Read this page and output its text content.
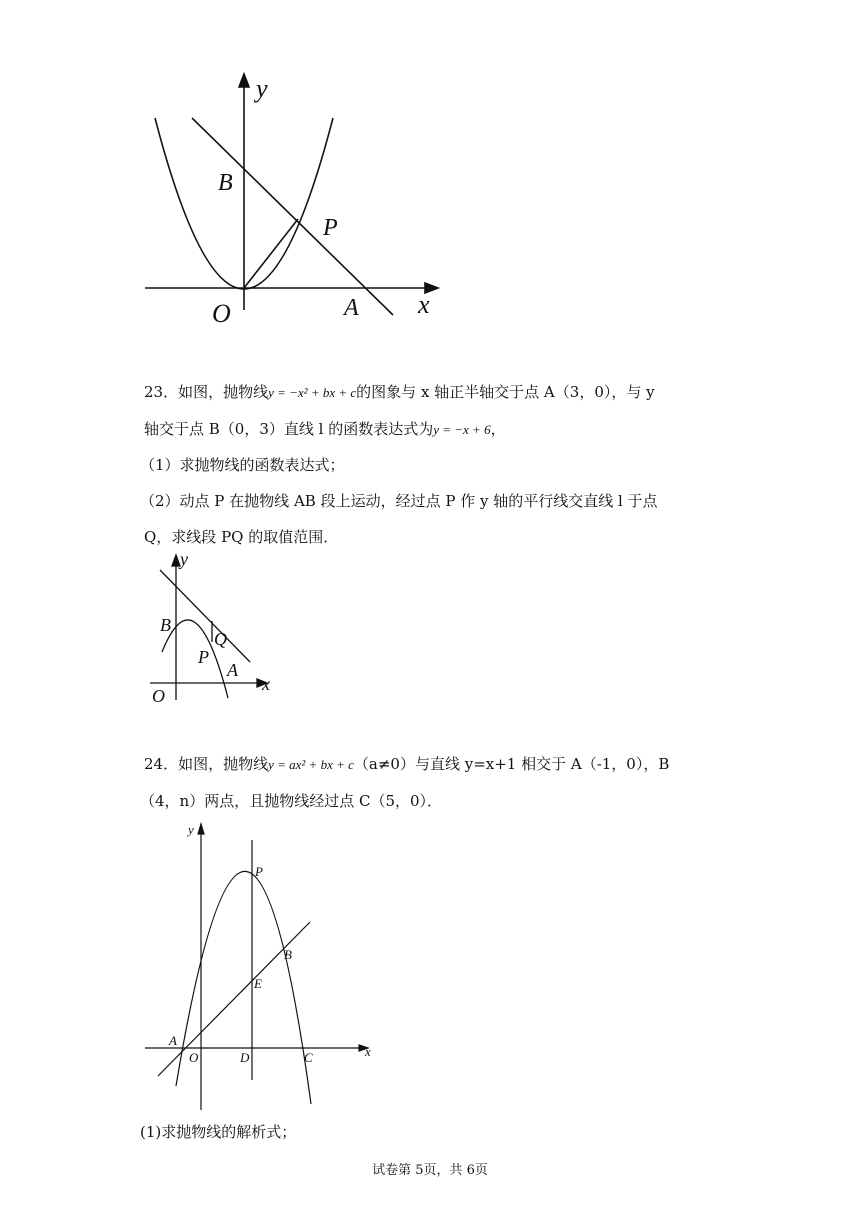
y
x
B
P
O	A
23．如图，抛物线y = −x² + bx + c的图象与 x 轴正半轴交于点 A（3，0），与 y
轴交于点 B（0，3）直线 l 的函数表达式为y = −x + 6，
（1）求抛物线的函数表达式；
（2）动点 P 在抛物线 AB 段上运动，经过点 P 作 y 轴的平行线交直线 l 于点
Q，求线段 PQ 的取值范围．
y
Q
B
P
A
O
x
24．如图，抛物线y = ax² + bx + c（a≠0）与直线 y=x+1 相交于 A（-1，0），B
（4，n）两点，且抛物线经过点 C（5，0）．
y
P
B
E
A
O	D	C	x
(1)求抛物线的解析式；
试卷第 5页，共 6页
